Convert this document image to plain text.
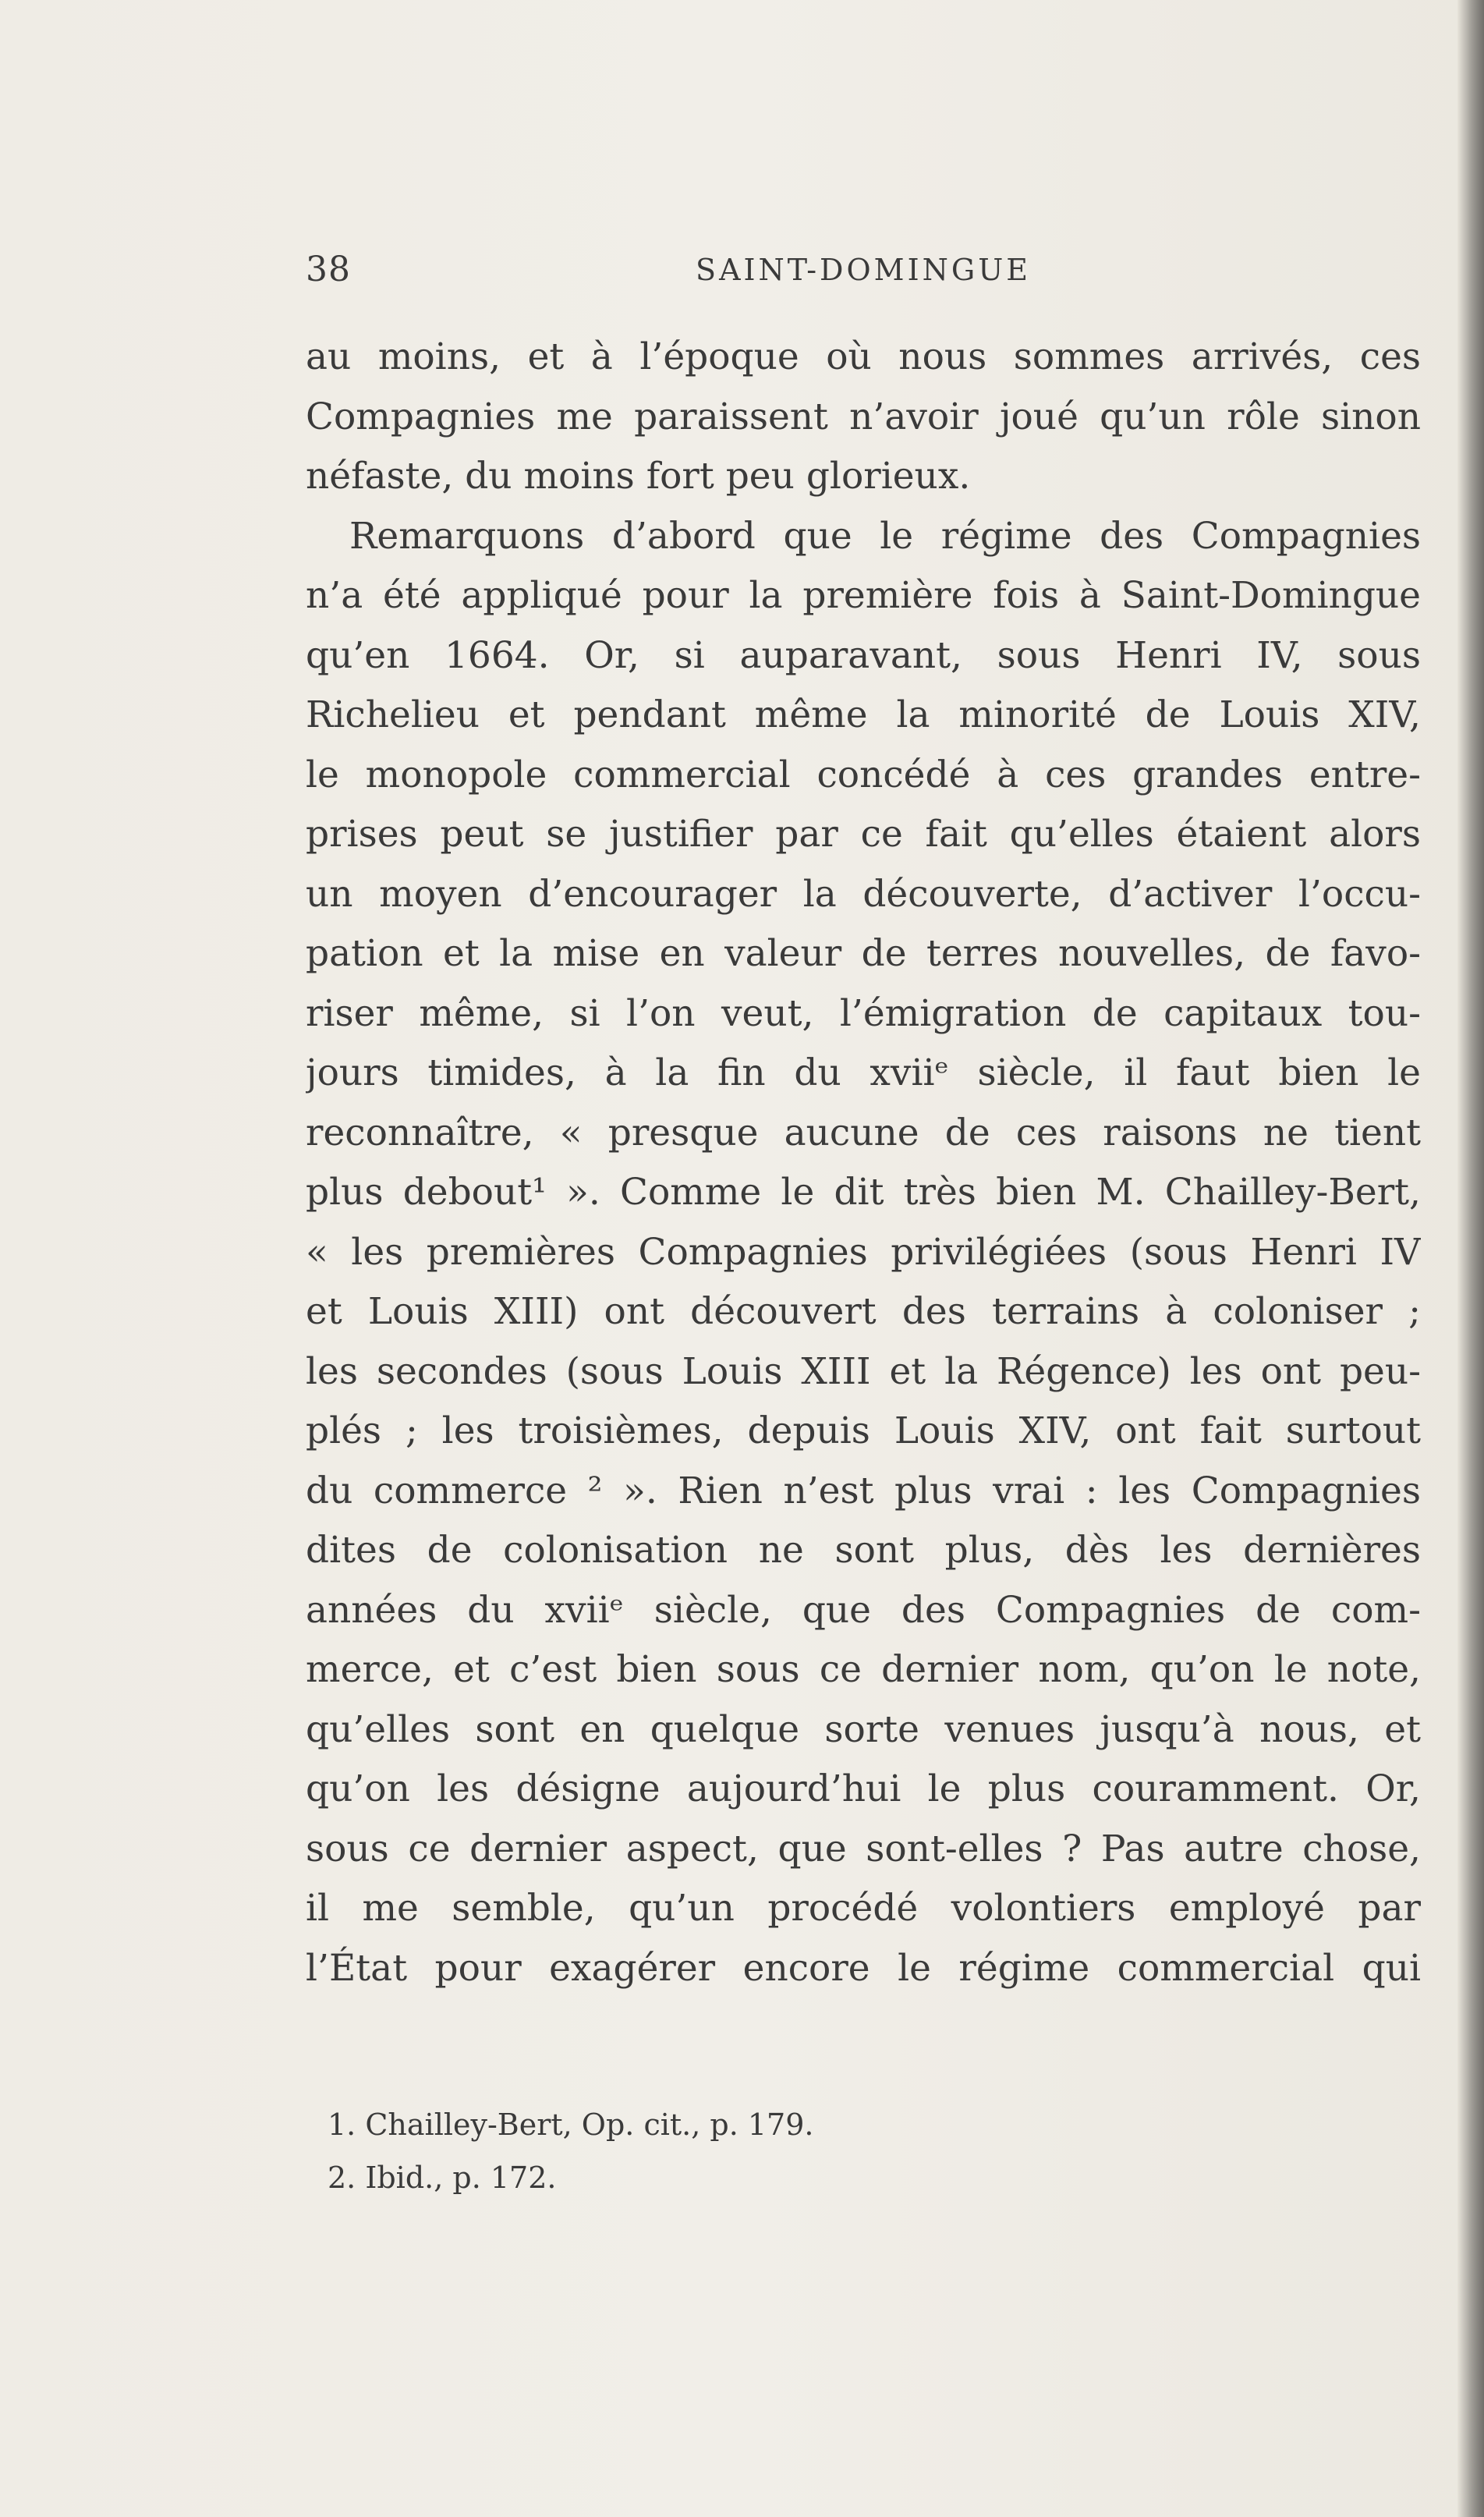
38	SAINT-DOMINGUE
au moins, et à l’époque où nous sommes arrivés, ces
Compagnies me paraissent n’avoir joué qu’un rôle sinon
néfaste, du moins fort peu glorieux.
Remarquons d’abord que le régime des Compagnies
n’a été appliqué pour la première fois à Saint-Domingue
qu’en 1664. Or, si auparavant, sous Henri IV, sous
Richelieu et pendant même la minorité de Louis XIV,
le monopole commercial concédé à ces grandes entre-
prises peut se justifier par ce fait qu’elles étaient alors
un moyen d’encourager la découverte, d’activer l’occu-
pation et la mise en valeur de terres nouvelles, de favo-
riser même, si l’on veut, l’émigration de capitaux tou-
jours timides, à la fin du xviiᵉ siècle, il faut bien le
reconnaître, « presque aucune de ces raisons ne tient
plus debout¹ ». Comme le dit très bien M. Chailley-Bert,
« les premières Compagnies privilégiées (sous Henri IV
et Louis XIII) ont découvert des terrains à coloniser ;
les secondes (sous Louis XIII et la Régence) les ont peu-
plés ; les troisièmes, depuis Louis XIV, ont fait surtout
du commerce ² ». Rien n’est plus vrai : les Compagnies
dites de colonisation ne sont plus, dès les dernières
années du xviiᵉ siècle, que des Compagnies de com-
merce, et c’est bien sous ce dernier nom, qu’on le note,
qu’elles sont en quelque sorte venues jusqu’à nous, et
qu’on les désigne aujourd’hui le plus couramment. Or,
sous ce dernier aspect, que sont-elles ? Pas autre chose,
il me semble, qu’un procédé volontiers employé par
l’État pour exagérer encore le régime commercial qui
1. Chailley-Bert, Op. cit., p. 179.
2. Ibid., p. 172.
